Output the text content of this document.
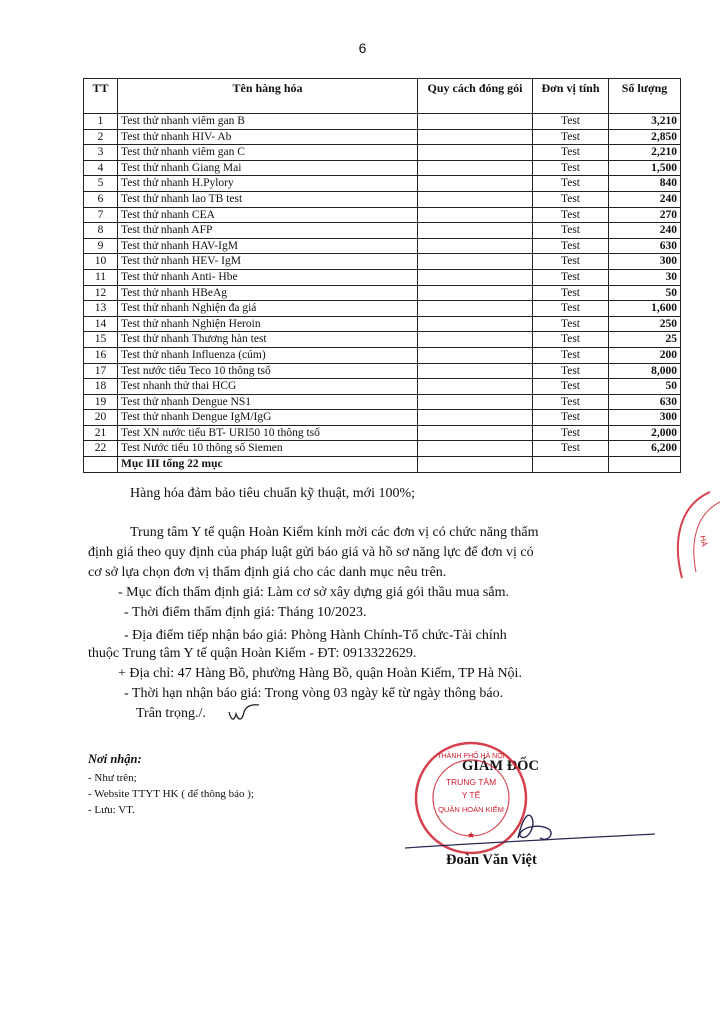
6
TT	Tên hàng hóa	Quy cách đóng gói	Đơn vị tính	Số lượng
1	Test thử nhanh viêm gan B		Test	3,210
2	Test thử nhanh HIV- Ab		Test	2,850
3	Test thử nhanh viêm gan C		Test	2,210
4	Test thử nhanh Giang Mai		Test	1,500
5	Test thử nhanh H.Pylory		Test	840
6	Test thử nhanh lao TB test		Test	240
7	Test thử nhanh CEA		Test	270
8	Test thử nhanh AFP		Test	240
9	Test thử nhanh HAV-IgM		Test	630
10	Test thử nhanh HEV- IgM		Test	300
11	Test thử nhanh Anti- Hbe		Test	30
12	Test thử nhanh HBeAg		Test	50
13	Test thử nhanh Nghiện đa giá		Test	1,600
14	Test thử nhanh Nghiện Heroin		Test	250
15	Test thử nhanh Thương hàn test		Test	25
16	Test thử nhanh Influenza (cúm)		Test	200
17	Test nước tiểu Teco 10 thông tsố		Test	8,000
18	Test nhanh thử thai HCG		Test	50
19	Test thử nhanh Dengue NS1		Test	630
20	Test thử nhanh Dengue IgM/IgG		Test	300
21	Test XN nước tiểu BT- URI50 10 thông tsố		Test	2,000
22	Test Nước tiểu 10 thông số Siemen		Test	6,200
	Mục III tổng 22 mục			
Hàng hóa đảm bảo tiêu chuẩn kỹ thuật, mới 100%;
Trung tâm Y tế quận Hoàn Kiếm kính mời các đơn vị có chức năng thẩm
định giá theo quy định của pháp luật gửi báo giá và hồ sơ năng lực để đơn vị có
cơ sở lựa chọn đơn vị thẩm định giá cho các danh mục nêu trên.
- Mục đích thẩm định giá: Làm cơ sở xây dựng giá gói thầu mua sắm.
- Thời điểm thẩm định giá: Tháng 10/2023.
- Địa điểm tiếp nhận báo giá: Phòng Hành Chính-Tổ chức-Tài chính
thuộc Trung tâm Y tế quận Hoàn Kiếm - ĐT: 0913322629.
+ Địa chỉ: 47 Hàng Bồ, phường Hàng Bồ, quận Hoàn Kiếm, TP Hà Nội.
- Thời hạn nhận báo giá: Trong vòng 03 ngày kể từ ngày thông báo.
Trân trọng./.
Nơi nhận:
- Như trên;
- Website TTYT HK ( để thông báo );
- Lưu: VT.
GIÁM ĐỐC
THÀNH PHỐ HÀ NỘI
TRUNG TÂM
Y TẾ
QUẬN HOÀN KIẾM
★
Đoàn Văn Việt
HÀ
